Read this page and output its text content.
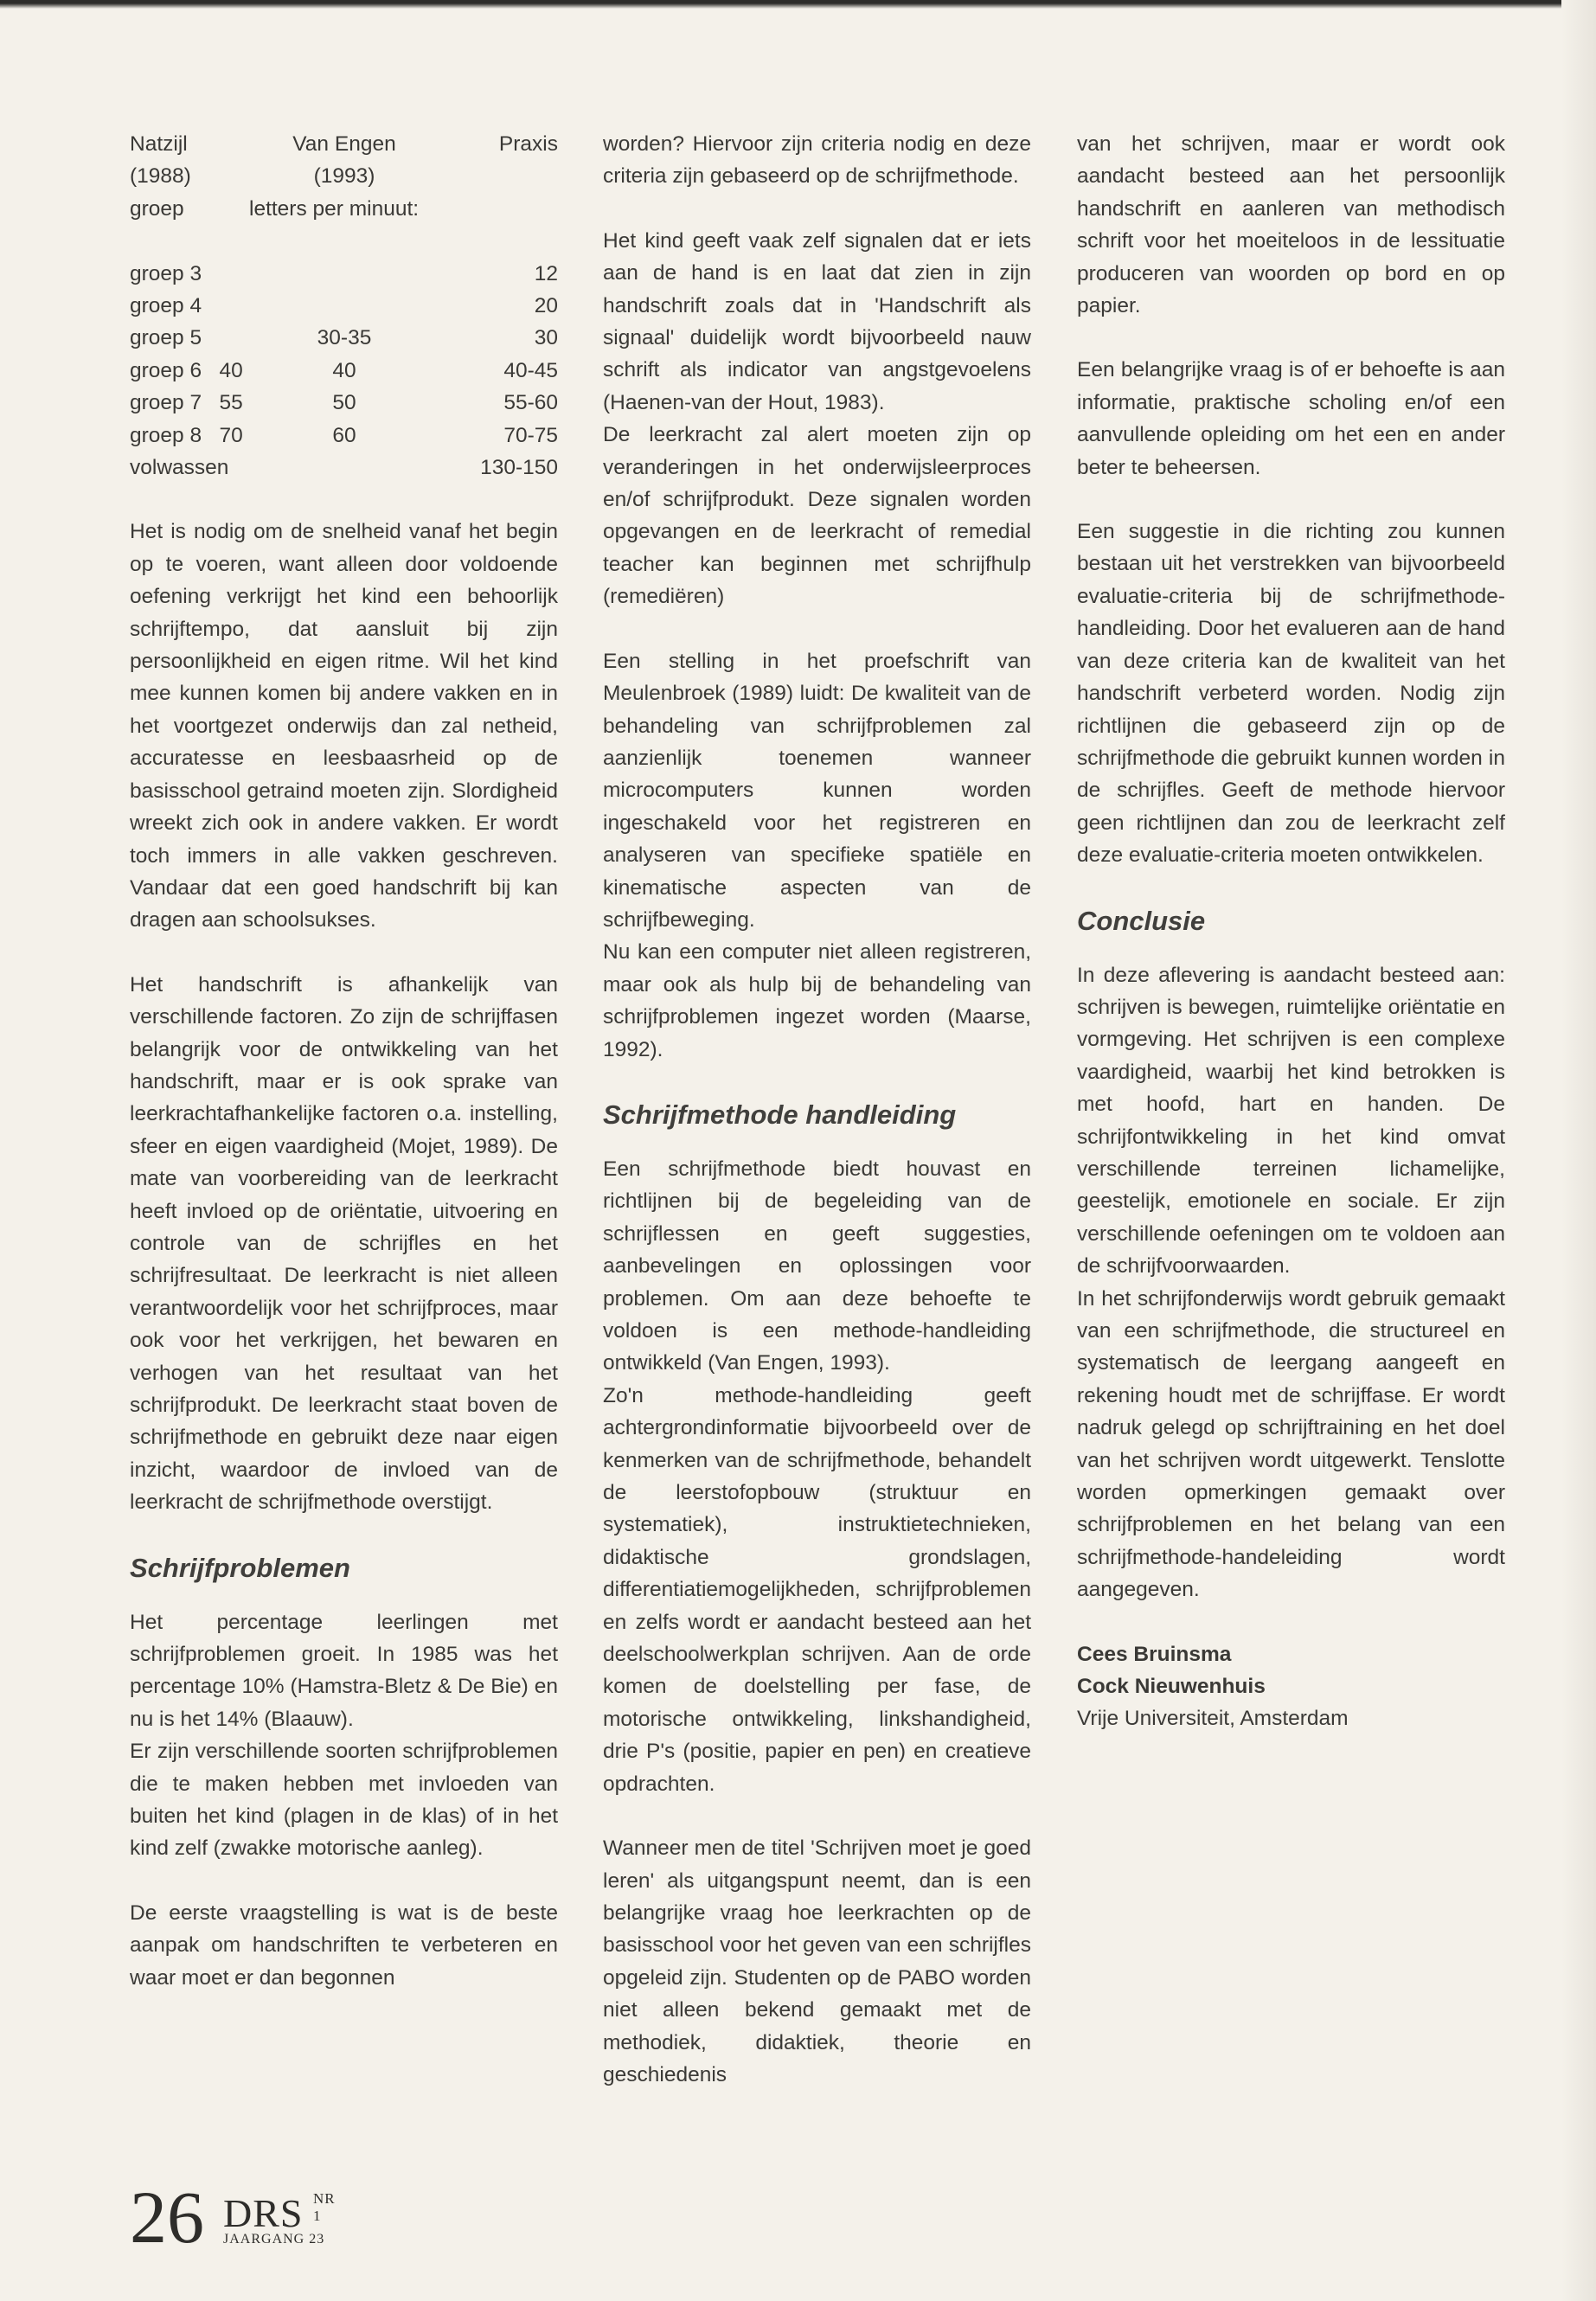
Natzijl	Van Engen	Praxis
(1988)	(1993)	
groep	letters per minuut:	

groep 3		12
groep 4		20
groep 5	30-35	30
groep 6 40	40	40-45
groep 7 55	50	55-60
groep 8 70	60	70-75
volwassen		130-150

Het is nodig om de snelheid vanaf het begin op te voeren, want alleen door voldoende oefening verkrijgt het kind een behoorlijk schrijftempo, dat aansluit bij zijn persoonlijkheid en eigen ritme. Wil het kind mee kunnen komen bij andere vakken en in het voortgezet onderwijs dan zal netheid, accuratesse en leesbaasrheid op de basisschool getraind moeten zijn. Slordigheid wreekt zich ook in andere vakken. Er wordt toch immers in alle vakken geschreven. Vandaar dat een goed handschrift bij kan dragen aan schoolsukses.

Het handschrift is afhankelijk van verschillende factoren. Zo zijn de schrijffasen belangrijk voor de ontwikkeling van het handschrift, maar er is ook sprake van leerkrachtafhankelijke factoren o.a. instelling, sfeer en eigen vaardigheid (Mojet, 1989). De mate van voorbereiding van de leerkracht heeft invloed op de oriëntatie, uitvoering en controle van de schrijfles en het schrijfresultaat. De leerkracht is niet alleen verantwoordelijk voor het schrijfproces, maar ook voor het verkrijgen, het bewaren en verhogen van het resultaat van het schrijfprodukt. De leerkracht staat boven de schrijfmethode en gebruikt deze naar eigen inzicht, waardoor de invloed van de leerkracht de schrijfmethode overstijgt.

Schrijfproblemen

Het percentage leerlingen met schrijfproblemen groeit. In 1985 was het percentage 10% (Hamstra-Bletz & De Bie) en nu is het 14% (Blaauw).

Er zijn verschillende soorten schrijfproblemen die te maken hebben met invloeden van buiten het kind (plagen in de klas) of in het kind zelf (zwakke motorische aanleg).

De eerste vraagstelling is wat is de beste aanpak om handschriften te verbeteren en waar moet er dan begonnen

worden? Hiervoor zijn criteria nodig en deze criteria zijn gebaseerd op de schrijfmethode.

Het kind geeft vaak zelf signalen dat er iets aan de hand is en laat dat zien in zijn handschrift zoals dat in 'Handschrift als signaal' duidelijk wordt bijvoorbeeld nauw schrift als indicator van angstgevoelens (Haenen-van der Hout, 1983).

De leerkracht zal alert moeten zijn op veranderingen in het onderwijsleerproces en/of schrijfprodukt. Deze signalen worden opgevangen en de leerkracht of remedial teacher kan beginnen met schrijfhulp (remediëren)

Een stelling in het proefschrift van Meulenbroek (1989) luidt: De kwaliteit van de behandeling van schrijfproblemen zal aanzienlijk toenemen wanneer microcomputers kunnen worden ingeschakeld voor het registreren en analyseren van specifieke spatiële en kinematische aspecten van de schrijfbeweging.

Nu kan een computer niet alleen registreren, maar ook als hulp bij de behandeling van schrijfproblemen ingezet worden (Maarse, 1992).

Schrijfmethode handleiding

Een schrijfmethode biedt houvast en richtlijnen bij de begeleiding van de schrijflessen en geeft suggesties, aanbevelingen en oplossingen voor problemen. Om aan deze behoefte te voldoen is een methode-handleiding ontwikkeld (Van Engen, 1993).

Zo'n methode-handleiding geeft achtergrondinformatie bijvoorbeeld over de kenmerken van de schrijfmethode, behandelt de leerstofopbouw (struktuur en systematiek), instruktietechnieken, didaktische grondslagen, differentiatiemogelijkheden, schrijfproblemen en zelfs wordt er aandacht besteed aan het deelschoolwerkplan schrijven. Aan de orde komen de doelstelling per fase, de motorische ontwikkeling, linkshandigheid, drie P's (positie, papier en pen) en creatieve opdrachten.

Wanneer men de titel 'Schrijven moet je goed leren' als uitgangspunt neemt, dan is een belangrijke vraag hoe leerkrachten op de basisschool voor het geven van een schrijfles opgeleid zijn. Studenten op de PABO worden niet alleen bekend gemaakt met de methodiek, didaktiek, theorie en geschiedenis

van het schrijven, maar er wordt ook aandacht besteed aan het persoonlijk handschrift en aanleren van methodisch schrift voor het moeiteloos in de lessituatie produceren van woorden op bord en op papier.

Een belangrijke vraag is of er behoefte is aan informatie, praktische scholing en/of een aanvullende opleiding om het een en ander beter te beheersen.

Een suggestie in die richting zou kunnen bestaan uit het verstrekken van bijvoorbeeld evaluatie-criteria bij de schrijfmethode-handleiding. Door het evalueren aan de hand van deze criteria kan de kwaliteit van het handschrift verbeterd worden. Nodig zijn richtlijnen die gebaseerd zijn op de schrijfmethode die gebruikt kunnen worden in de schrijfles. Geeft de methode hiervoor geen richtlijnen dan zou de leerkracht zelf deze evaluatie-criteria moeten ontwikkelen.

Conclusie

In deze aflevering is aandacht besteed aan: schrijven is bewegen, ruimtelijke oriëntatie en vormgeving. Het schrijven is een complexe vaardigheid, waarbij het kind betrokken is met hoofd, hart en handen. De schrijfontwikkeling in het kind omvat verschillende terreinen lichamelijke, geestelijk, emotionele en sociale. Er zijn verschillende oefeningen om te voldoen aan de schrijfvoorwaarden.

In het schrijfonderwijs wordt gebruik gemaakt van een schrijfmethode, die structureel en systematisch de leergang aangeeft en rekening houdt met de schrijffase. Er wordt nadruk gelegd op schrijftraining en het doel van het schrijven wordt uitgewerkt. Tenslotte worden opmerkingen gemaakt over schrijfproblemen en het belang van een schrijfmethode-handeleiding wordt aangegeven.

Cees Bruinsma

Cock Nieuwenhuis

Vrije Universiteit, Amsterdam

26 DRS NR 1
JAARGANG 23
